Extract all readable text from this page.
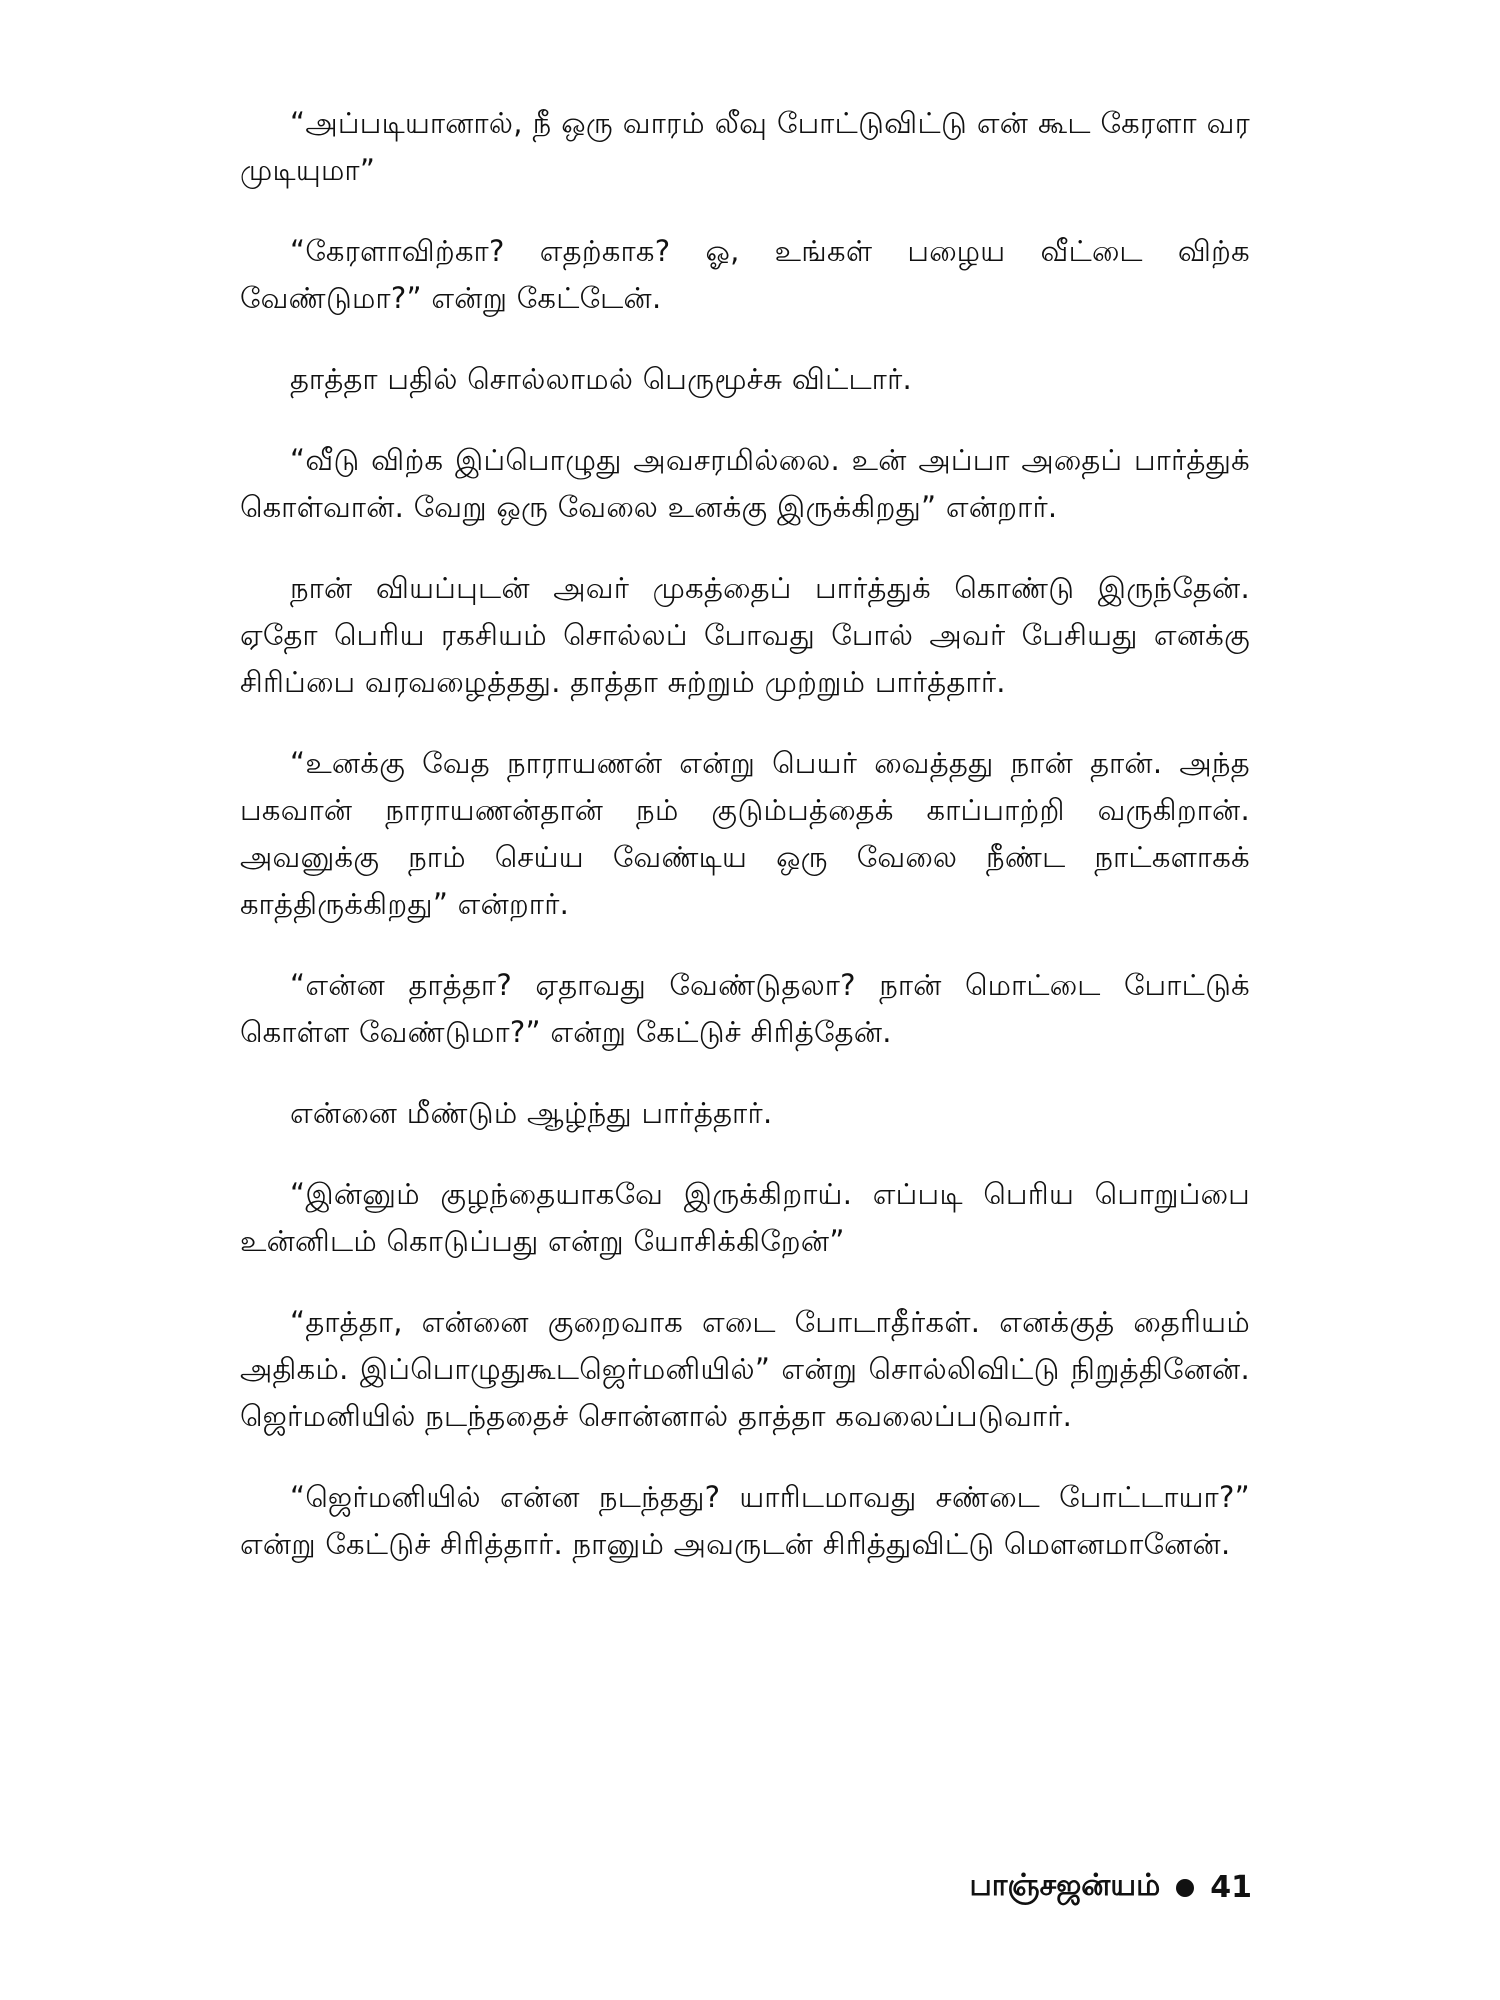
“அப்படியானால், நீ ஒரு வாரம் லீவு போட்டுவிட்டு என் கூட கேரளா வர முடியுமா”

“கேரளாவிற்கா? எதற்காக? ஓ, உங்கள் பழைய வீட்டை விற்க வேண்டுமா?” என்று கேட்டேன்.

தாத்தா பதில் சொல்லாமல் பெருமூச்சு விட்டார்.

“வீடு விற்க இப்பொழுது அவசரமில்லை. உன் அப்பா அதைப் பார்த்துக் கொள்வான். வேறு ஒரு வேலை உனக்கு இருக்கிறது” என்றார்.

நான் வியப்புடன் அவர் முகத்தைப் பார்த்துக் கொண்டு இருந்தேன். ஏதோ பெரிய ரகசியம் சொல்லப் போவது போல் அவர் பேசியது எனக்கு சிரிப்பை வரவழைத்தது. தாத்தா சுற்றும் முற்றும் பார்த்தார்.

“உனக்கு வேத நாராயணன் என்று பெயர் வைத்தது நான் தான். அந்த பகவான் நாராயணன்தான் நம் குடும்பத்தைக் காப்பாற்றி வருகிறான். அவனுக்கு நாம் செய்ய வேண்டிய ஒரு வேலை நீண்ட நாட்களாகக் காத்திருக்கிறது” என்றார்.

“என்ன தாத்தா? ஏதாவது வேண்டுதலா? நான் மொட்டை போட்டுக் கொள்ள வேண்டுமா?” என்று கேட்டுச் சிரித்தேன்.

என்னை மீண்டும் ஆழ்ந்து பார்த்தார்.

“இன்னும் குழந்தையாகவே இருக்கிறாய். எப்படி பெரிய பொறுப்பை உன்னிடம் கொடுப்பது என்று யோசிக்கிறேன்”

“தாத்தா, என்னை குறைவாக எடை போடாதீர்கள். எனக்குத் தைரியம் அதிகம். இப்பொழுதுகூடஜெர்மனியில்” என்று சொல்லிவிட்டு நிறுத்தினேன். ஜெர்மனியில் நடந்ததைச் சொன்னால் தாத்தா கவலைப்படுவார்.

“ஜெர்மனியில் என்ன நடந்தது? யாரிடமாவது சண்டை போட்டாயா?” என்று கேட்டுச் சிரித்தார். நானும் அவருடன் சிரித்துவிட்டு மௌனமானேன்.

பாஞ்சஜன்யம் 41
